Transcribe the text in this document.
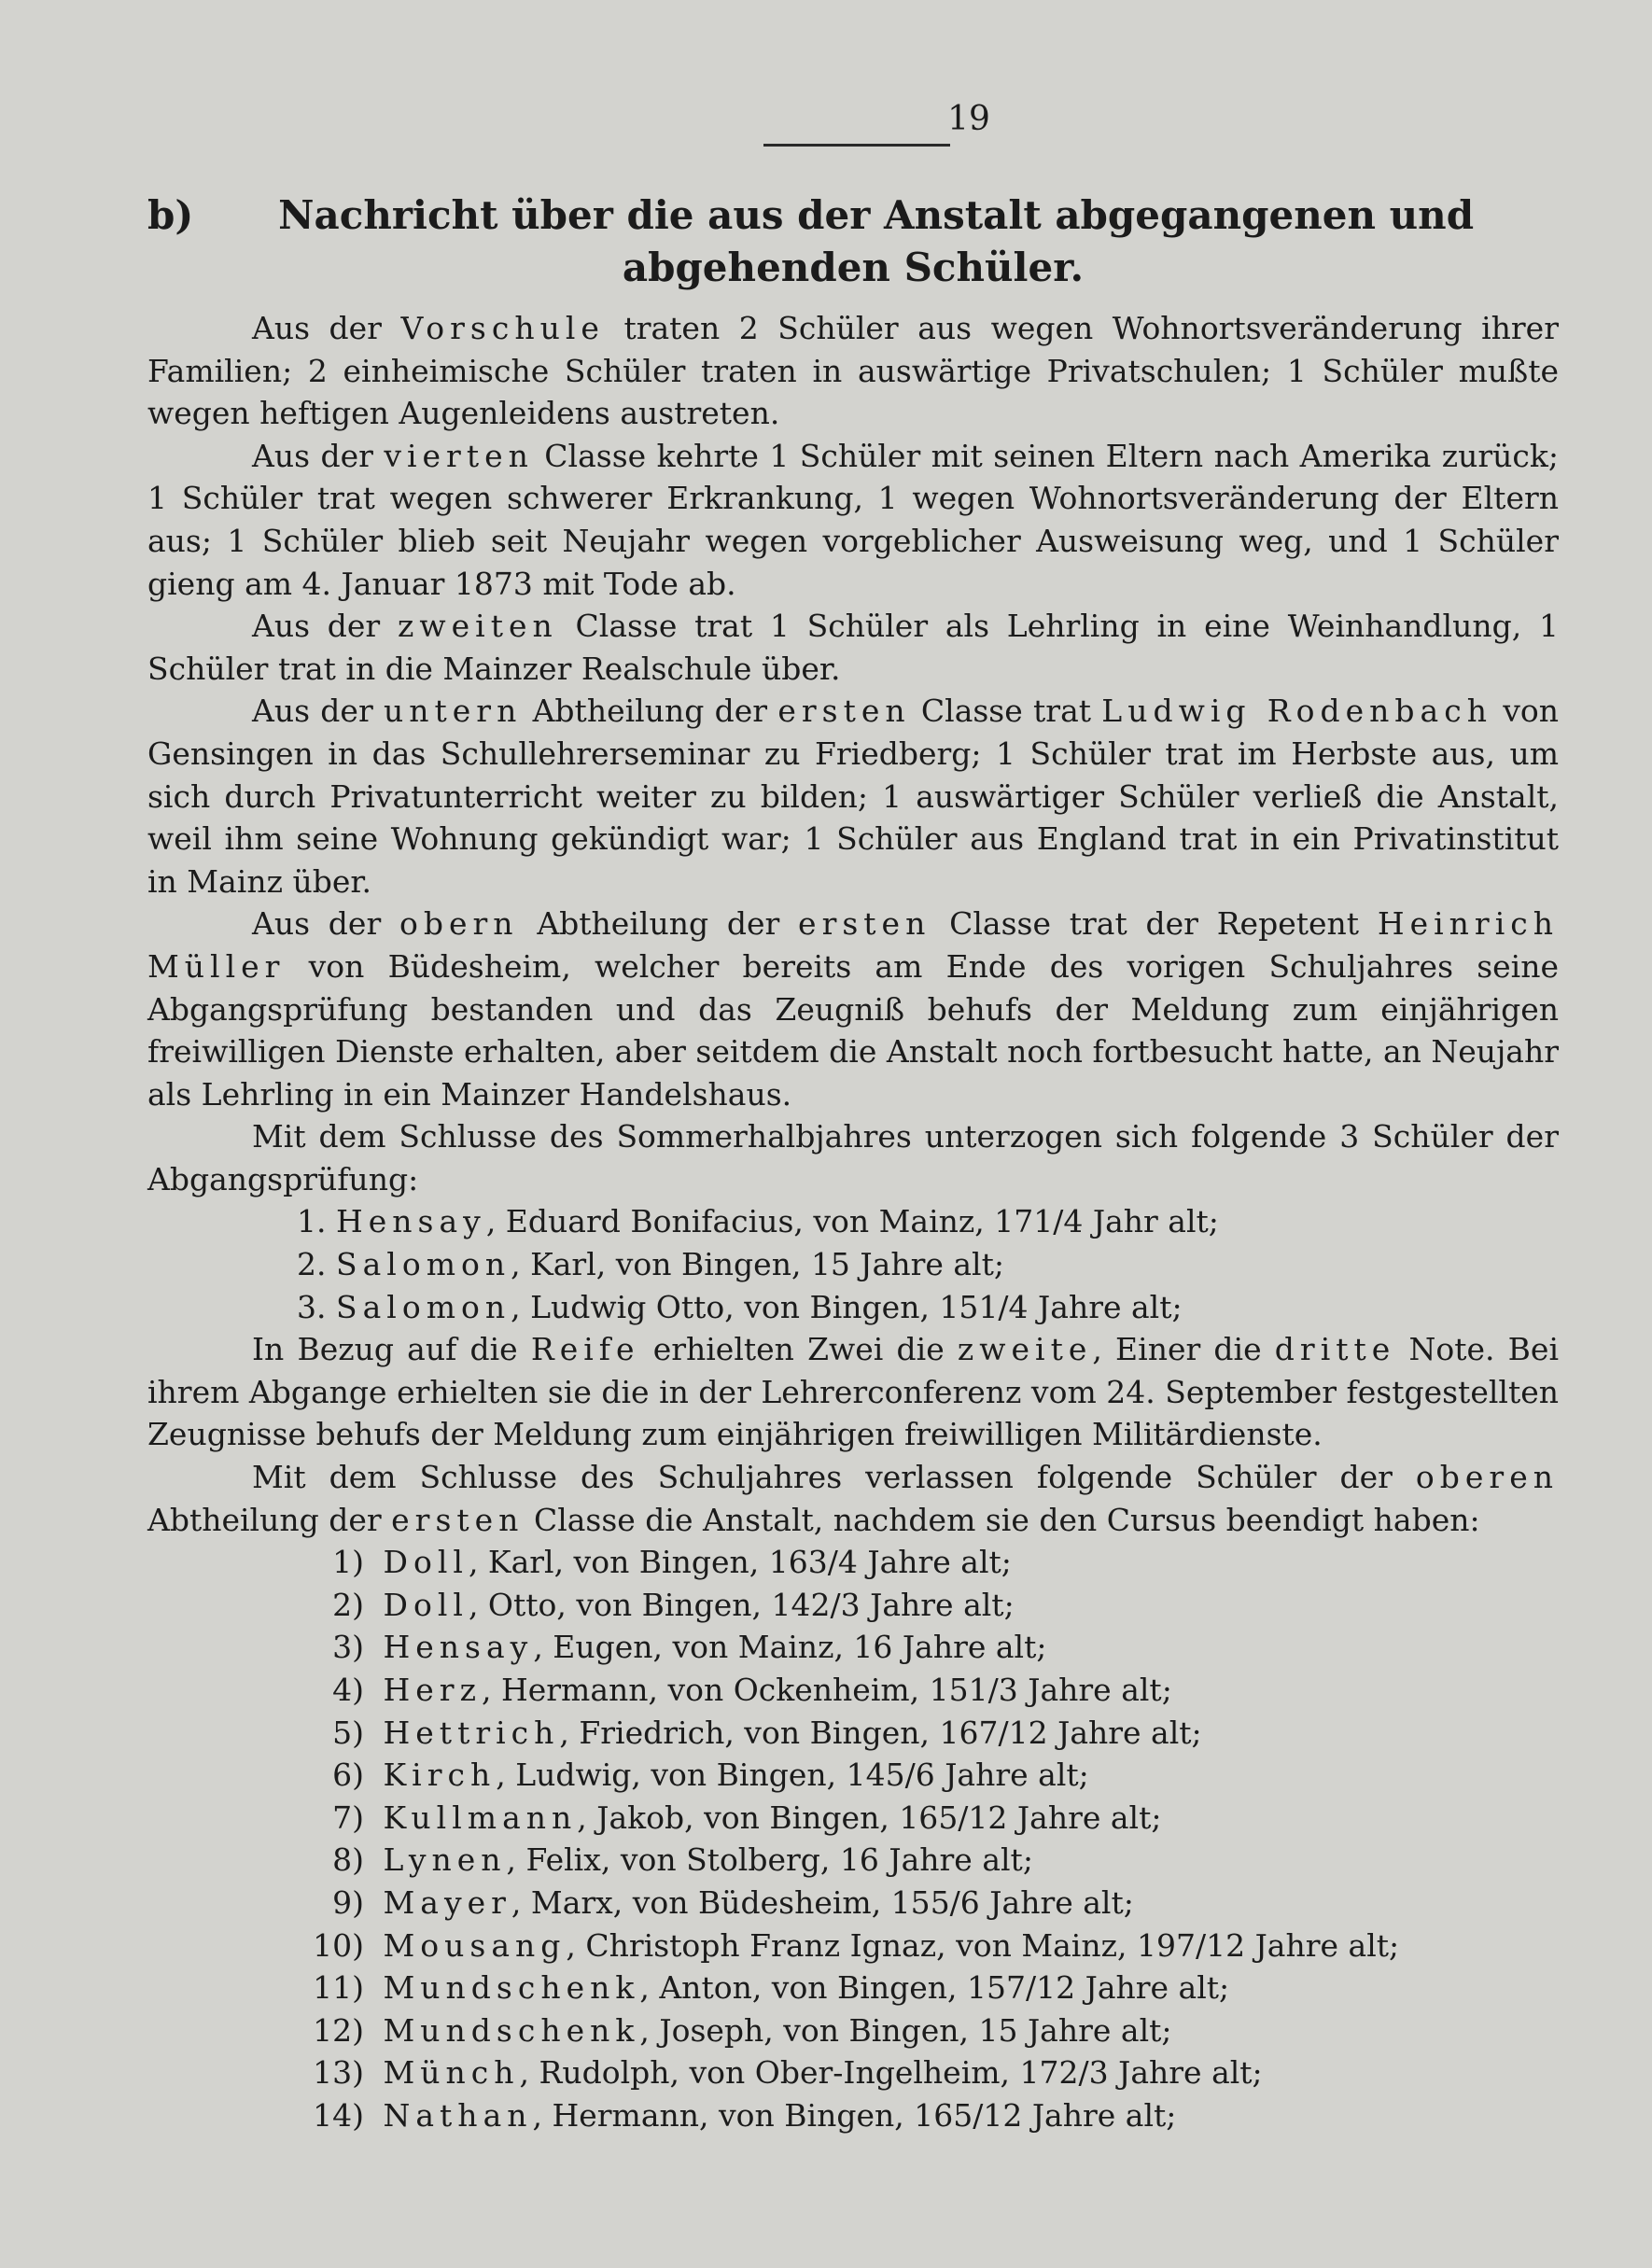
19
b) Nachricht über die aus der Anstalt abgegangenen und abgehenden Schüler.

Aus der Vorschule traten 2 Schüler aus wegen Wohnortsveränderung ihrer Familien; 2 einheimische Schüler traten in auswärtige Privatschulen; 1 Schüler mußte wegen heftigen Augenleidens austreten.

Aus der vierten Classe kehrte 1 Schüler mit seinen Eltern nach Amerika zurück; 1 Schüler trat wegen schwerer Erkrankung, 1 wegen Wohnortsveränderung der Eltern aus; 1 Schüler blieb seit Neujahr wegen vorgeblicher Ausweisung weg, und 1 Schüler gieng am 4. Januar 1873 mit Tode ab.

Aus der zweiten Classe trat 1 Schüler als Lehrling in eine Weinhandlung, 1 Schüler trat in die Mainzer Realschule über.

Aus der untern Abtheilung der ersten Classe trat Ludwig Rodenbach von Gensingen in das Schullehrerseminar zu Friedberg; 1 Schüler trat im Herbste aus, um sich durch Privatunterricht weiter zu bilden; 1 auswärtiger Schüler verließ die Anstalt, weil ihm seine Wohnung gekündigt war; 1 Schüler aus England trat in ein Privatinstitut in Mainz über.

Aus der obern Abtheilung der ersten Classe trat der Repetent Heinrich Müller von Büdesheim, welcher bereits am Ende des vorigen Schuljahres seine Abgangsprüfung bestanden und das Zeugniß behufs der Meldung zum einjährigen freiwilligen Dienste erhalten, aber seitdem die Anstalt noch fortbesucht hatte, an Neujahr als Lehrling in ein Mainzer Handelshaus.

Mit dem Schlusse des Sommerhalbjahres unterzogen sich folgende 3 Schüler der Abgangsprüfung:

1. Hensay, Eduard Bonifacius, von Mainz, 171/4 Jahr alt;
2. Salomon, Karl, von Bingen, 15 Jahre alt;
3. Salomon, Ludwig Otto, von Bingen, 151/4 Jahre alt;

In Bezug auf die Reife erhielten Zwei die zweite, Einer die dritte Note. Bei ihrem Abgange erhielten sie die in der Lehrerconferenz vom 24. September festgestellten Zeugnisse behufs der Meldung zum einjährigen freiwilligen Militärdienste.

Mit dem Schlusse des Schuljahres verlassen folgende Schüler der oberen Abtheilung der ersten Classe die Anstalt, nachdem sie den Cursus beendigt haben:

1) Doll, Karl, von Bingen, 163/4 Jahre alt;
2) Doll, Otto, von Bingen, 142/3 Jahre alt;
3) Hensay, Eugen, von Mainz, 16 Jahre alt;
4) Herz, Hermann, von Ockenheim, 151/3 Jahre alt;
5) Hettrich, Friedrich, von Bingen, 167/12 Jahre alt;
6) Kirch, Ludwig, von Bingen, 145/6 Jahre alt;
7) Kullmann, Jakob, von Bingen, 165/12 Jahre alt;
8) Lynen, Felix, von Stolberg, 16 Jahre alt;
9) Mayer, Marx, von Büdesheim, 155/6 Jahre alt;
10) Mousang, Christoph Franz Ignaz, von Mainz, 197/12 Jahre alt;
11) Mundschenk, Anton, von Bingen, 157/12 Jahre alt;
12) Mundschenk, Joseph, von Bingen, 15 Jahre alt;
13) Münch, Rudolph, von Ober-Ingelheim, 172/3 Jahre alt;
14) Nathan, Hermann, von Bingen, 165/12 Jahre alt;
